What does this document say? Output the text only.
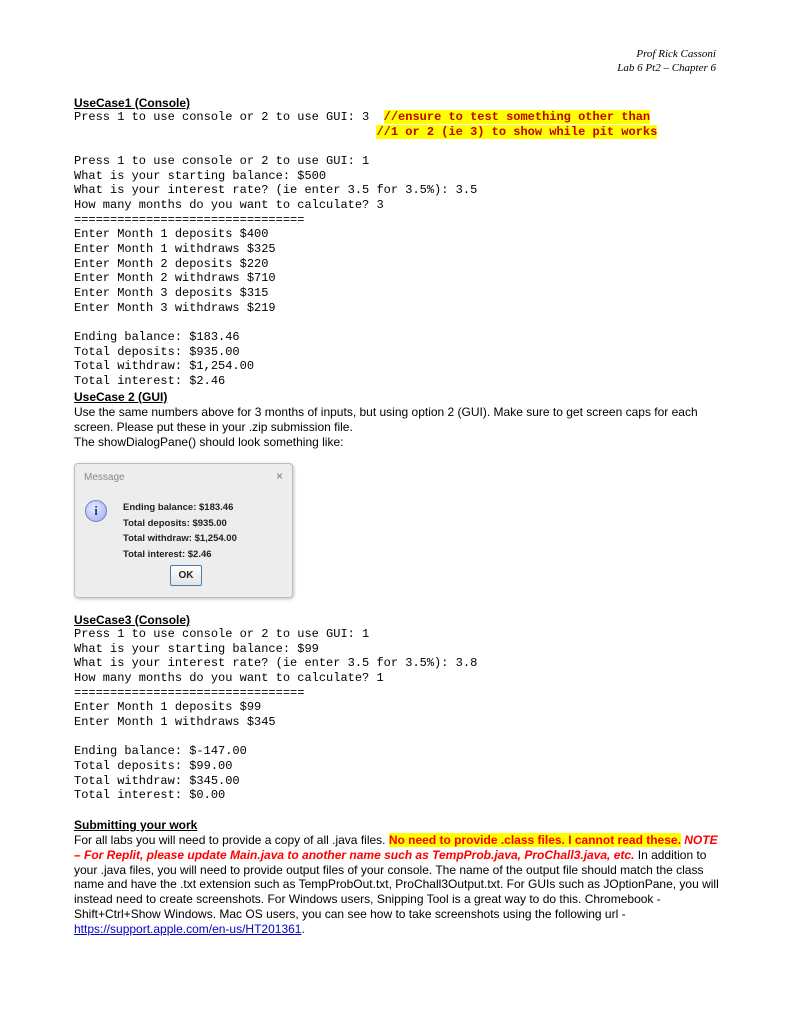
Prof Rick Cassoni
Lab 6 Pt2 – Chapter 6
UseCase1 (Console)
Press 1 to use console or 2 to use GUI: 3  //ensure to test something other than
//1 or 2 (ie 3) to show while pit works
Press 1 to use console or 2 to use GUI: 1
What is your starting balance: $500
What is your interest rate? (ie enter 3.5 for 3.5%): 3.5
How many months do you want to calculate? 3
================================
Enter Month 1 deposits $400
Enter Month 1 withdraws $325
Enter Month 2 deposits $220
Enter Month 2 withdraws $710
Enter Month 3 deposits $315
Enter Month 3 withdraws $219

Ending balance: $183.46
Total deposits: $935.00
Total withdraw: $1,254.00
Total interest: $2.46
UseCase 2 (GUI)

Use the same numbers above for 3 months of inputs, but using option 2 (GUI). Make sure to get screen caps for each screen. Please put these in your .zip submission file.

The showDialogPane() should look something like:

Message	×
i	Ending balance: $183.46
Total deposits: $935.00
Total withdraw: $1,254.00
Total interest: $2.46
OK
UseCase3 (Console)
Press 1 to use console or 2 to use GUI: 1
What is your starting balance: $99
What is your interest rate? (ie enter 3.5 for 3.5%): 3.8
How many months do you want to calculate? 1
================================
Enter Month 1 deposits $99
Enter Month 1 withdraws $345

Ending balance: $-147.00
Total deposits: $99.00
Total withdraw: $345.00
Total interest: $0.00
Submitting your work

For all labs you will need to provide a copy of all .java files. No need to provide .class files. I cannot read these. NOTE – For Replit, please update Main.java to another name such as TempProb.java, ProChall3.java, etc. In addition to your .java files, you will need to provide output files of your console. The name of the output file should match the class name and have the .txt extension such as TempProbOut.txt, ProChall3Output.txt. For GUIs such as JOptionPane, you will instead need to create screenshots. For Windows users, Snipping Tool is a great way to do this. Chromebook - Shift+Ctrl+Show Windows. Mac OS users, you can see how to take screenshots using the following url - https://support.apple.com/en-us/HT201361.
